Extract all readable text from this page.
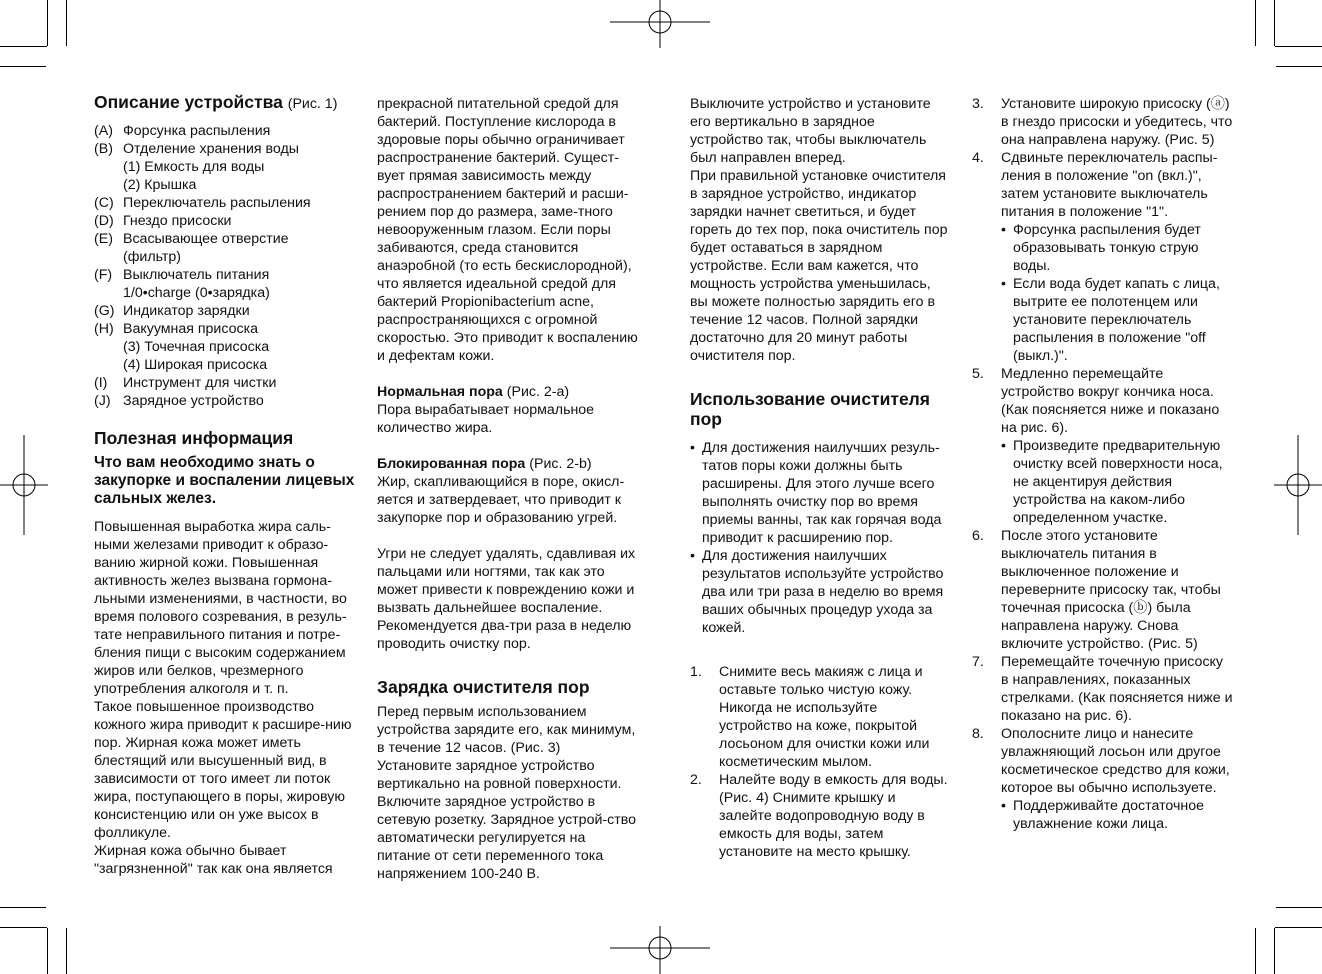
Описание устройства (Рис. 1)
(A) Форсунка распыления
(B) Отделение хранения воды
(1) Емкость для воды
(2) Крышка
(C) Переключатель распыления
(D) Гнездо присоски
(E) Всасывающее отверстие
(фильтр)
(F) Выключатель питания
1/0•charge (0•зарядка)
(G) Индикатор зарядки
(H) Вакуумная присоска
(3) Точечная присоска
(4) Широкая присоска
(I)	Инструмент для чистки
(J) Зарядное устройство
Полезная информация
Что вам необходимо знать о закупорке и воспалении лицевых сальных желез.

Повышенная выработка жира саль-ными железами приводит к образо-ванию жирной кожи. Повышенная активность желез вызвана гормона-льными изменениями, в частности, во время полового созревания, в резуль-тате неправильного питания и потре-бления пищи с высоким содержанием жиров или белков, чрезмерного употребления алкоголя и т. п.

Такое повышенное производство кожного жира приводит к расшире-нию пор. Жирная кожа может иметь блестящий или высушенный вид, в зависимости от того имеет ли поток жира, поступающего в поры, жировую консистенцию или он уже высох в фолликуле.

Жирная кожа обычно бывает "загрязненной" так как она является

прекрасной питательной средой для бактерий. Поступление кислорода в здоровые поры обычно ограничивает распространение бактерий. Сущест-вует прямая зависимость между распространением бактерий и расши-рением пор до размера, заме-тного невооруженным глазом. Если поры забиваются, среда становится анаэробной (то есть бескислородной), что является идеальной средой для бактерий Propionibacterium acne, распространяющихся с огромной скоростью. Это приводит к воспалению и дефектам кожи.

Нормальная пора (Рис. 2-a)

Пора вырабатывает нормальное количество жира.

Блокированная пора (Рис. 2-b)

Жир, скапливающийся в поре, окисл-яется и затвердевает, что приводит к закупорке пор и образованию угрей.

Угри не следует удалять, сдавливая их пальцами или ногтями, так как это может привести к повреждению кожи и вызвать дальнейшее воспаление. Рекомендуется два-три раза в неделю проводить очистку пор.

Зарядка очистителя пор

Перед первым использованием устройства зарядите его, как минимум, в течение 12 часов. (Рис. 3) Установите зарядное устройство вертикально на ровной поверхности. Включите зарядное устройство в сетевую розетку. Зарядное устрой-ство автоматически регулируется на питание от сети переменного тока напряжением 100-240 В.

Выключите устройство и установите его вертикально в зарядное устройство так, чтобы выключатель был направлен вперед.

При правильной установке очистителя в зарядное устройство, индикатор зарядки начнет светиться, и будет гореть до тех пор, пока очиститель пор будет оставаться в зарядном устройстве. Если вам кажется, что мощность устройства уменьшилась, вы можете полностью зарядить его в течение 12 часов. Полной зарядки достаточно для 20 минут работы очистителя пор.

Использование очистителя пор
• Для достижения наилучших резуль-татов поры кожи должны быть расширены. Для этого лучше всего выполнять очистку пор во время приемы ванны, так как горячая вода приводит к расширению пор.
• Для достижения наилучших результатов используйте устройство два или три раза в неделю во время ваших обычных процедур ухода за кожей.
1.	Снимите весь макияж с лица и оставьте только чистую кожу. Никогда не используйте устройство на коже, покрытой лосьоном для очистки кожи или косметическим мылом.
2.	Налейте воду в емкость для воды. (Рис. 4) Снимите крышку и залейте водопроводную воду в емкость для воды, затем установите на место крышку.
3.	Установите широкую присоску (ⓐ) в гнездо присоски и убедитесь, что она направлена наружу. (Рис. 5)
4.	Сдвиньте переключатель распы-ления в положение "on (вкл.)", затем установите выключатель питания в положение "1".
• Форсунка распыления будет образовывать тонкую струю воды.
• Если вода будет капать с лица, вытрите ее полотенцем или установите переключатель распыления в положение "off (выкл.)".
5.	Медленно перемещайте устройство вокруг кончика носа. (Как поясняется ниже и показано на рис. 6).
• Произведите предварительную очистку всей поверхности носа, не акцентируя действия устройства на каком-либо определенном участке.
6.	После этого установите выключатель питания в выключенное положение и переверните присоску так, чтобы точечная присоска (ⓑ) была направлена наружу. Снова включите устройство. (Рис. 5)
7.	Перемещайте точечную присоску в направлениях, показанных стрелками. (Как поясняется ниже и показано на рис. 6).
8.	Ополосните лицо и нанесите увлажняющий лосьон или другое косметическое средство для кожи, которое вы обычно используете.
• Поддерживайте достаточное увлажнение кожи лица.
